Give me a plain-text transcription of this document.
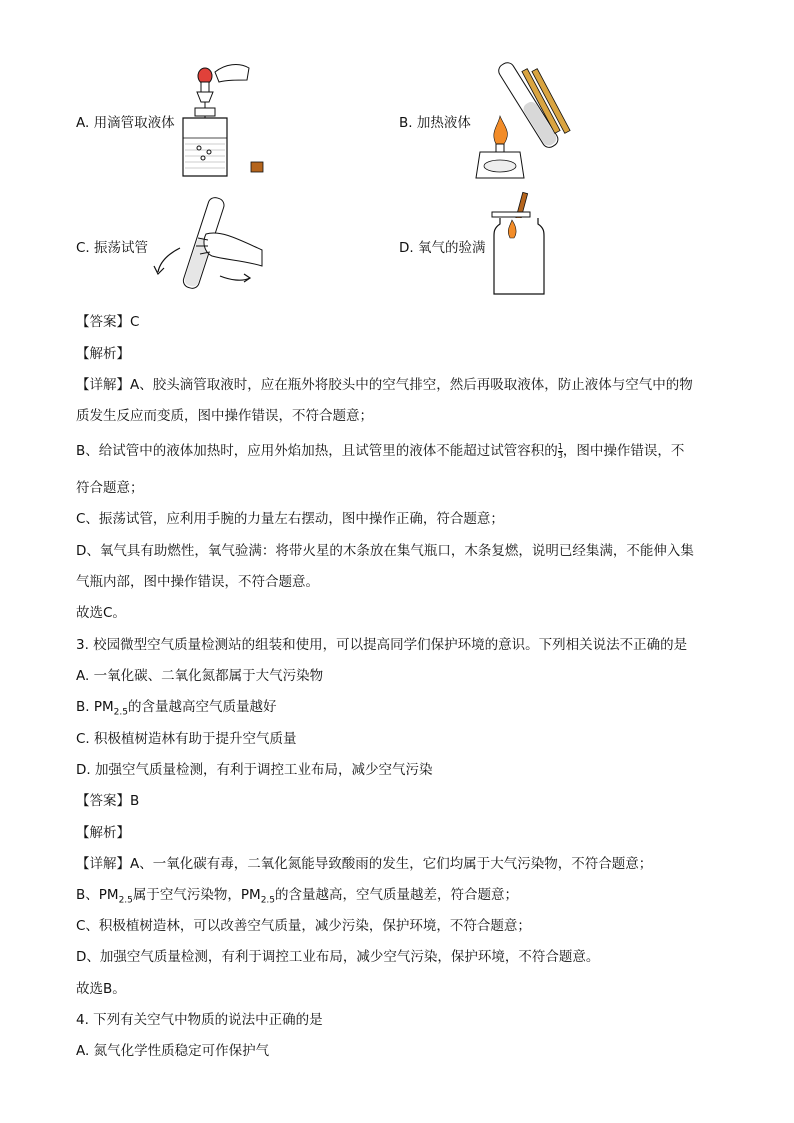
A. 用滴管取液体	B. 加热液体
C. 振荡试管	D. 氧气的验满
【答案】C
【解析】
【详解】A、胶头滴管取液时，应在瓶外将胶头中的空气排空，然后再吸取液体，防止液体与空气中的物
质发生反应而变质，图中操作错误，不符合题意；
B、给试管中的液体加热时，应用外焰加热，且试管里的液体不能超过试管容积的 $\frac{1}{3}$ ，图中操作错误，不
符合题意；
C、振荡试管，应利用手腕的力量左右摆动，图中操作正确，符合题意；
D、氧气具有助燃性，氧气验满：将带火星的木条放在集气瓶口，木条复燃，说明已经集满，不能伸入集
气瓶内部，图中操作错误，不符合题意。
故选C。
3. 校园微型空气质量检测站的组装和使用，可以提高同学们保护环境的意识。下列相关说法不正确的是
A. 一氧化碳、二氧化氮都属于大气污染物
B. $PM_{2.5}$的含量越高空气质量越好
C. 积极植树造林有助于提升空气质量
D. 加强空气质量检测，有利于调控工业布局，减少空气污染
【答案】B
【解析】
【详解】A、一氧化碳有毒，二氧化氮能导致酸雨的发生，它们均属于大气污染物，不符合题意；
B、$PM_{2.5}$属于空气污染物，$PM_{2.5}$的含量越高，空气质量越差，符合题意；
C、积极植树造林，可以改善空气质量，减少污染，保护环境，不符合题意；
D、加强空气质量检测，有利于调控工业布局，减少空气污染，保护环境，不符合题意。
故选B。
4. 下列有关空气中物质的说法中正确的是
A. 氮气化学性质稳定可作保护气
